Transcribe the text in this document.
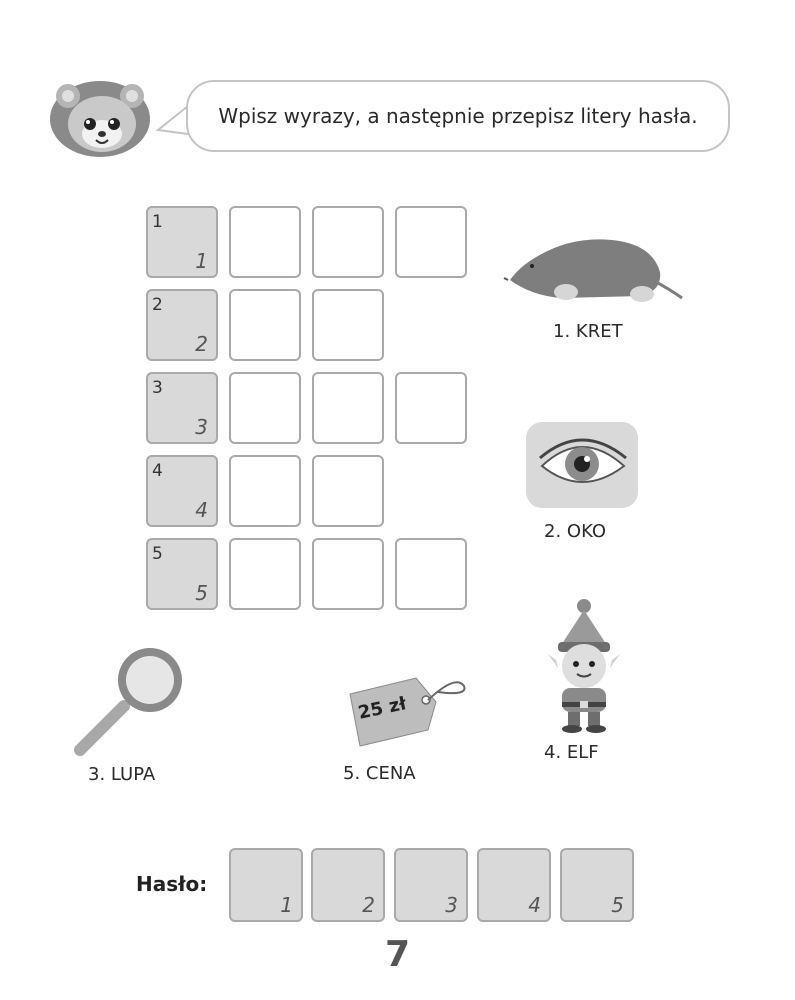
Wpisz wyrazy, a następnie przepisz litery hasła.
1
1
2
2
3
3
4
4
5
5
1. KRET
2. OKO
3. LUPA
25 zł
5. CENA
4. ELF
Hasło:
1	2	3	4	5
7
